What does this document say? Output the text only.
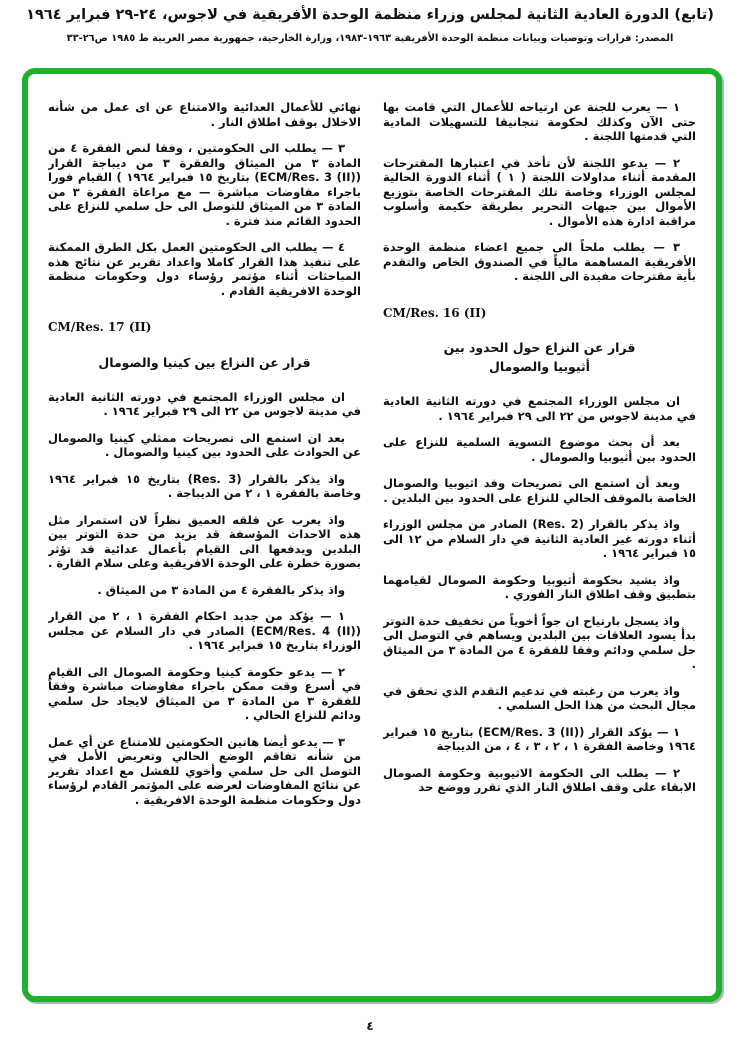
(تابع) الدورة العادية الثانية لمجلس وزراء منظمة الوحدة الأفريقية في لاجوس، ٢٤-٢٩ فبراير ١٩٦٤
المصدر: قرارات وتوصيات وبيانات منظمة الوحدة الأفريقية ١٩٦٣-١٩٨٣، وزارة الخارجية، جمهورية مصر العربية ط ١٩٨٥ ص٢٦-٣٣

١ — يعرب للجنة عن ارتياحه للأعمال التي قامت بها حتى الآن وكذلك لحكومة تنجانيقا للتسهيلات المادية التي قدمتها اللجنة .

٢ — يدعو اللجنة لأن تأخذ في اعتبارها المقترحات المقدمة أثناء مداولات اللجنة ( ١ ) أثناء الدورة الحالية لمجلس الوزراء وخاصة تلك المقترحات الخاصة بتوزيع الأموال بين جبهات التحرير بطريقة حكيمة وأسلوب مراقبة ادارة هذه الأموال .

٣ — يطلب ملحاً الى جميع اعضاء منظمة الوحدة الأفريقية المساهمة مالياً في الصندوق الخاص والتقدم بأية مقترحات مفيدة الى اللجنة .

CM/Res. 16 (II)
قرار عن النزاع حول الحدود بين
أثيوبيا والصومال

ان مجلس الوزراء المجتمع في دورته الثانية العادية في مدينة لاجوس من ٢٢ الى ٢٩ فبراير ١٩٦٤ .

بعد أن بحث موضوع التسوية السلمية للنزاع على الحدود بين أثيوبيا والصومال .

وبعد أن استمع الى تصريحات وفد اثيوبيا والصومال الخاصة بالموقف الحالي للنزاع على الحدود بين البلدين .

واذ يذكر بالقرار (Res. 2) الصادر من مجلس الوزراء أثناء دورته غير العادية الثانية في دار السلام من ١٢ الى ١٥ فبراير ١٩٦٤ .

واذ يشيد بحكومة أثيوبيا وحكومة الصومال لقيامهما بتطبيق وقف اطلاق النار الفوري .

واذ يسجل بارتياح ان جواً أخوياً من تخفيف حدة التوتر بدأ يسود العلاقات بين البلدين ويساهم في التوصل الى حل سلمي ودائم وفقا للفقرة ٤ من المادة ٣ من الميثاق .

واذ يعرب من رغبته في تدعيم التقدم الذي تحقق في مجال البحث من هذا الحل السلمي .

١ — يؤكد القرار (ECM/Res. 3 (II)) بتاريخ ١٥ فبراير ١٩٦٤ وخاصة الفقرة ١ ، ٢ ، ٣ ، ٤ ، من الديباجة

٢ — يطلب الى الحكومة الاثيوبية وحكومة الصومال الابقاء على وقف اطلاق النار الذي تقرر ووضع حد

نهائي للأعمال العدائية والامتناع عن اى عمل من شأنه الاخلال بوقف اطلاق النار .

٣ — يطلب الى الحكومتين ، وفقا لنص الفقرة ٤ من المادة ٣ من الميثاق والفقرة ٣ من ديباجة القرار (ECM/Res. 3 (II)) بتاريخ ١٥ فبراير ١٩٦٤ ) القيام فورا باجراء مفاوضات مباشرة — مع مراعاة الفقرة ٣ من المادة ٣ من الميثاق للتوصل الى حل سلمي للنزاع على الحدود القائم منذ فترة .

٤ — يطلب الى الحكومتين العمل بكل الطرق الممكنة على تنفيذ هذا القرار كاملا واعداد تقرير عن نتائج هذه المباحثات أثناء مؤتمر رؤساء دول وحكومات منظمة الوحدة الافريقية القادم .

CM/Res. 17 (II)
قرار عن النزاع بين كينيا والصومال

ان مجلس الوزراء المجتمع في دورته الثانية العادية في مدينة لاجوس من ٢٢ الى ٢٩ فبراير ١٩٦٤ .

بعد ان استمع الى تصريحات ممثلي كينيا والصومال عن الحوادث على الحدود بين كينيا والصومال .

واذ يذكر بالقرار (Res. 3) بتاريخ ١٥ فبراير ١٩٦٤ وخاصة بالفقرة ١ ، ٢ من الديباجة .

واذ يعرب عن قلقه العميق نظراً لان استمرار مثل هذه الاحداث المؤسفة قد يزيد من حدة التوتر بين البلدين ويدفعها الى القيام بأعمال عدائية قد تؤثر بصورة خطرة على الوحدة الافريقية وعلى سلام القارة .

واذ يذكر بالفقرة ٤ من المادة ٣ من الميثاق .

١ — يؤكد من جديد احكام الفقرة ١ ، ٢ من القرار (ECM/Res. 4 (II)) الصادر في دار السلام عن مجلس الوزراء بتاريخ ١٥ فبراير ١٩٦٤ .

٢ — يدعو حكومة كينيا وحكومة الصومال الى القيام في أسرع وقت ممكن باجراء مفاوضات مباشرة وفقاً للفقرة ٣ من المادة ٣ من الميثاق لايجاد حل سلمي ودائم للنزاع الحالي .

٣ — يدعو أيضا هاتين الحكومتين للامتناع عن أي عمل من شأنه تفاقم الوضع الحالي وتعريض الأمل في التوصل الى حل سلمي وأخوي للفشل مع اعداد تقرير عن نتائج المفاوضات لعرضه على المؤتمر القادم لرؤساء دول وحكومات منظمة الوحدة الافريقية .

٤
